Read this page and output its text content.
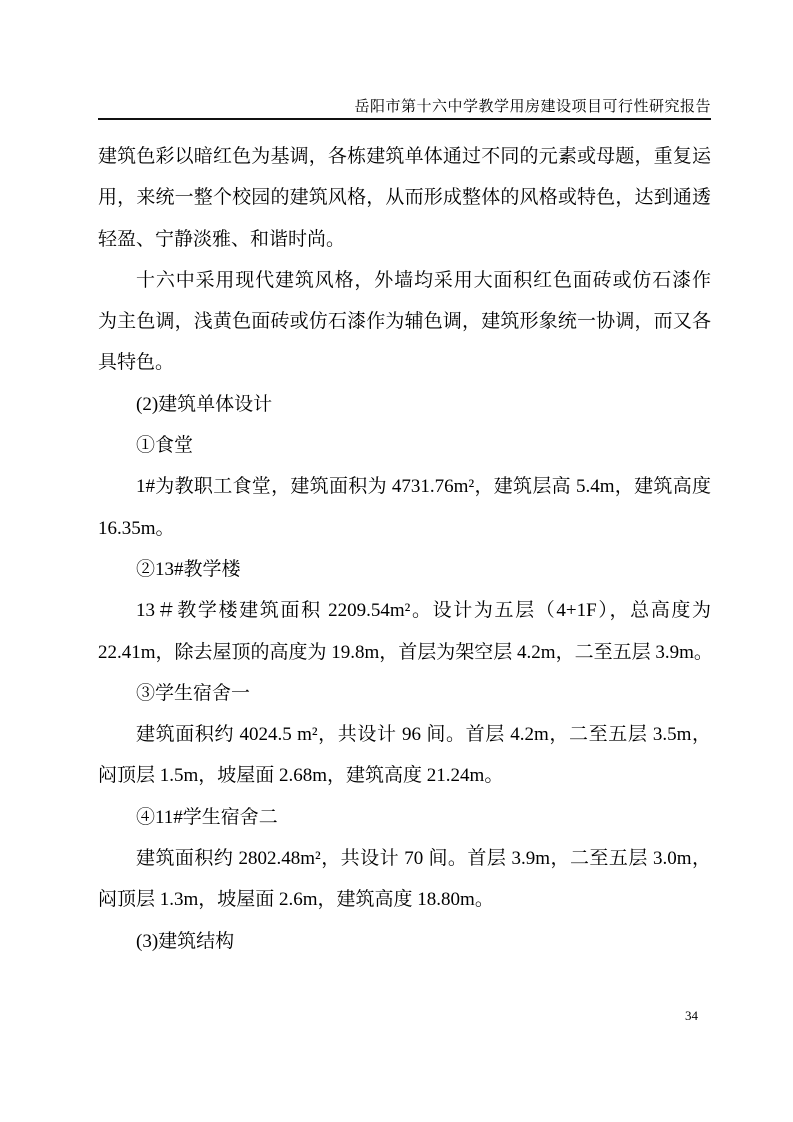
岳阳市第十六中学教学用房建设项目可行性研究报告
建筑色彩以暗红色为基调，各栋建筑单体通过不同的元素或母题，重复运
用，来统一整个校园的建筑风格，从而形成整体的风格或特色，达到通透
轻盈、宁静淡雅、和谐时尚。
十六中采用现代建筑风格，外墙均采用大面积红色面砖或仿石漆作
为主色调，浅黄色面砖或仿石漆作为辅色调，建筑形象统一协调，而又各
具特色。
(2)建筑单体设计
①食堂
1#为教职工食堂，建筑面积为 4731.76m²，建筑层高 5.4m，建筑高度
16.35m。
②13#教学楼
13＃教学楼建筑面积 2209.54m²。设计为五层（4+1F），总高度为
22.41m，除去屋顶的高度为 19.8m，首层为架空层 4.2m，二至五层 3.9m。
③学生宿舍一
建筑面积约 4024.5 m²，共设计 96 间。首层 4.2m，二至五层 3.5m，
闷顶层 1.5m，坡屋面 2.68m，建筑高度 21.24m。
④11#学生宿舍二
建筑面积约 2802.48m²，共设计 70 间。首层 3.9m，二至五层 3.0m，
闷顶层 1.3m，坡屋面 2.6m，建筑高度 18.80m。
(3)建筑结构
34
